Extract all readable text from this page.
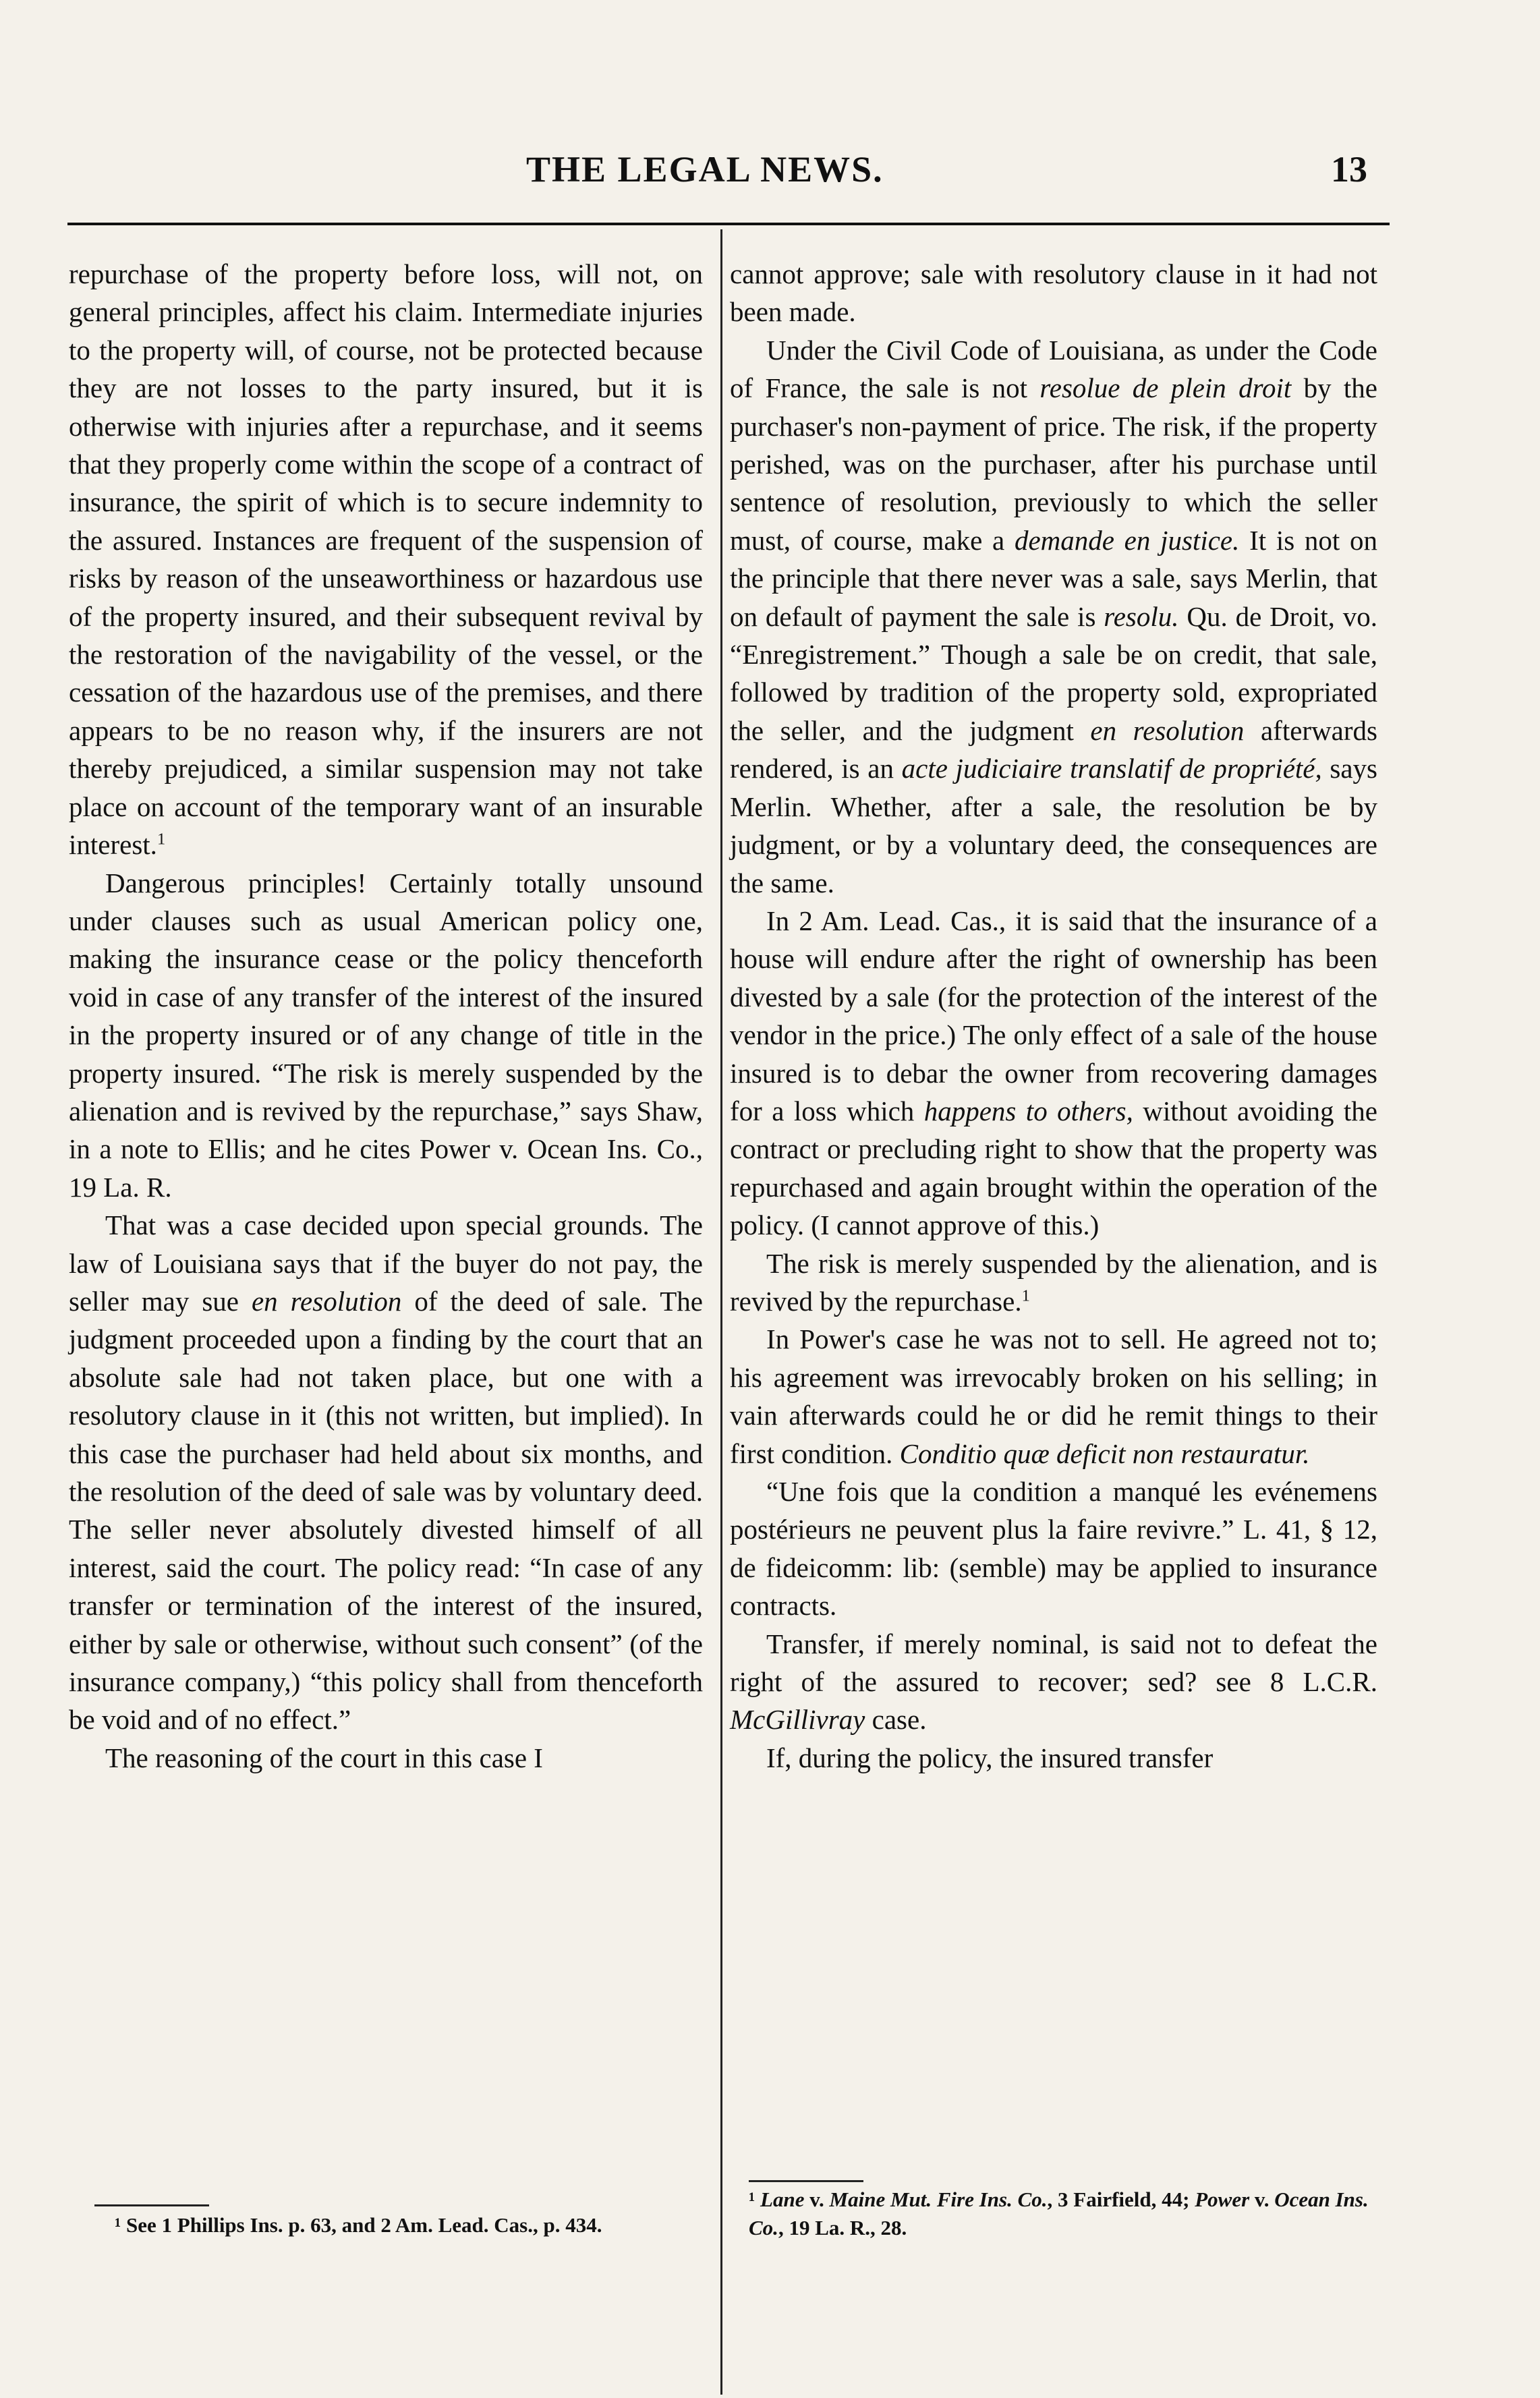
THE LEGAL NEWS.	13

repurchase of the property before loss, will not, on general principles, affect his claim. Intermediate injuries to the property will, of course, not be protected because they are not losses to the party insured, but it is otherwise with injuries after a repurchase, and it seems that they properly come within the scope of a contract of insurance, the spirit of which is to secure indemnity to the assured. Instances are frequent of the suspension of risks by reason of the unseaworthiness or hazardous use of the property insured, and their subsequent revival by the restoration of the navigability of the vessel, or the cessation of the hazardous use of the premises, and there appears to be no reason why, if the insurers are not thereby prejudiced, a similar suspension may not take place on account of the temporary want of an insurable interest.$^1$

Dangerous principles! Certainly totally unsound under clauses such as usual American policy one, making the insurance cease or the policy thenceforth void in case of any transfer of the interest of the insured in the property insured or of any change of title in the property insured. “The risk is merely suspended by the alienation and is revived by the repurchase,” says Shaw, in a note to Ellis; and he cites Power v. Ocean Ins. Co., 19 La. R.

That was a case decided upon special grounds. The law of Louisiana says that if the buyer do not pay, the seller may sue en resolution of the deed of sale. The judgment proceeded upon a finding by the court that an absolute sale had not taken place, but one with a resolutory clause in it (this not written, but implied). In this case the purchaser had held about six months, and the resolution of the deed of sale was by voluntary deed. The seller never absolutely divested himself of all interest, said the court. The policy read: “In case of any transfer or termination of the interest of the insured, either by sale or otherwise, without such consent” (of the insurance company,) “this policy shall from thenceforth be void and of no effect.”

The reasoning of the court in this case I

¹ See 1 Phillips Ins. p. 63, and 2 Am. Lead. Cas., p. 434.

cannot approve; sale with resolutory clause in it had not been made.

Under the Civil Code of Louisiana, as under the Code of France, the sale is not resolue de plein droit by the purchaser's non-payment of price. The risk, if the property perished, was on the purchaser, after his purchase until sentence of resolution, previously to which the seller must, of course, make a demande en justice. It is not on the principle that there never was a sale, says Merlin, that on default of payment the sale is resolu. Qu. de Droit, vo. “Enregistrement.” Though a sale be on credit, that sale, followed by tradition of the property sold, expropriated the seller, and the judgment en resolution afterwards rendered, is an acte judiciaire translatif de propriété, says Merlin. Whether, after a sale, the resolution be by judgment, or by a voluntary deed, the consequences are the same.

In 2 Am. Lead. Cas., it is said that the insurance of a house will endure after the right of ownership has been divested by a sale (for the protection of the interest of the vendor in the price.) The only effect of a sale of the house insured is to debar the owner from recovering damages for a loss which happens to others, without avoiding the contract or precluding right to show that the property was repurchased and again brought within the operation of the policy. (I cannot approve of this.)

The risk is merely suspended by the alienation, and is revived by the repurchase.$^1$

In Power's case he was not to sell. He agreed not to; his agreement was irrevocably broken on his selling; in vain afterwards could he or did he remit things to their first condition. Conditio quæ deficit non restauratur.

“Une fois que la condition a manqué les evénemens postérieurs ne peuvent plus la faire revivre.” L. 41, § 12, de fideicomm: lib: (semble) may be applied to insurance contracts.

Transfer, if merely nominal, is said not to defeat the right of the assured to recover; sed? see 8 L.C.R. McGillivray case.

If, during the policy, the insured transfer

¹ Lane v. Maine Mut. Fire Ins. Co., 3 Fairfield, 44; Power v. Ocean Ins. Co., 19 La. R., 28.
